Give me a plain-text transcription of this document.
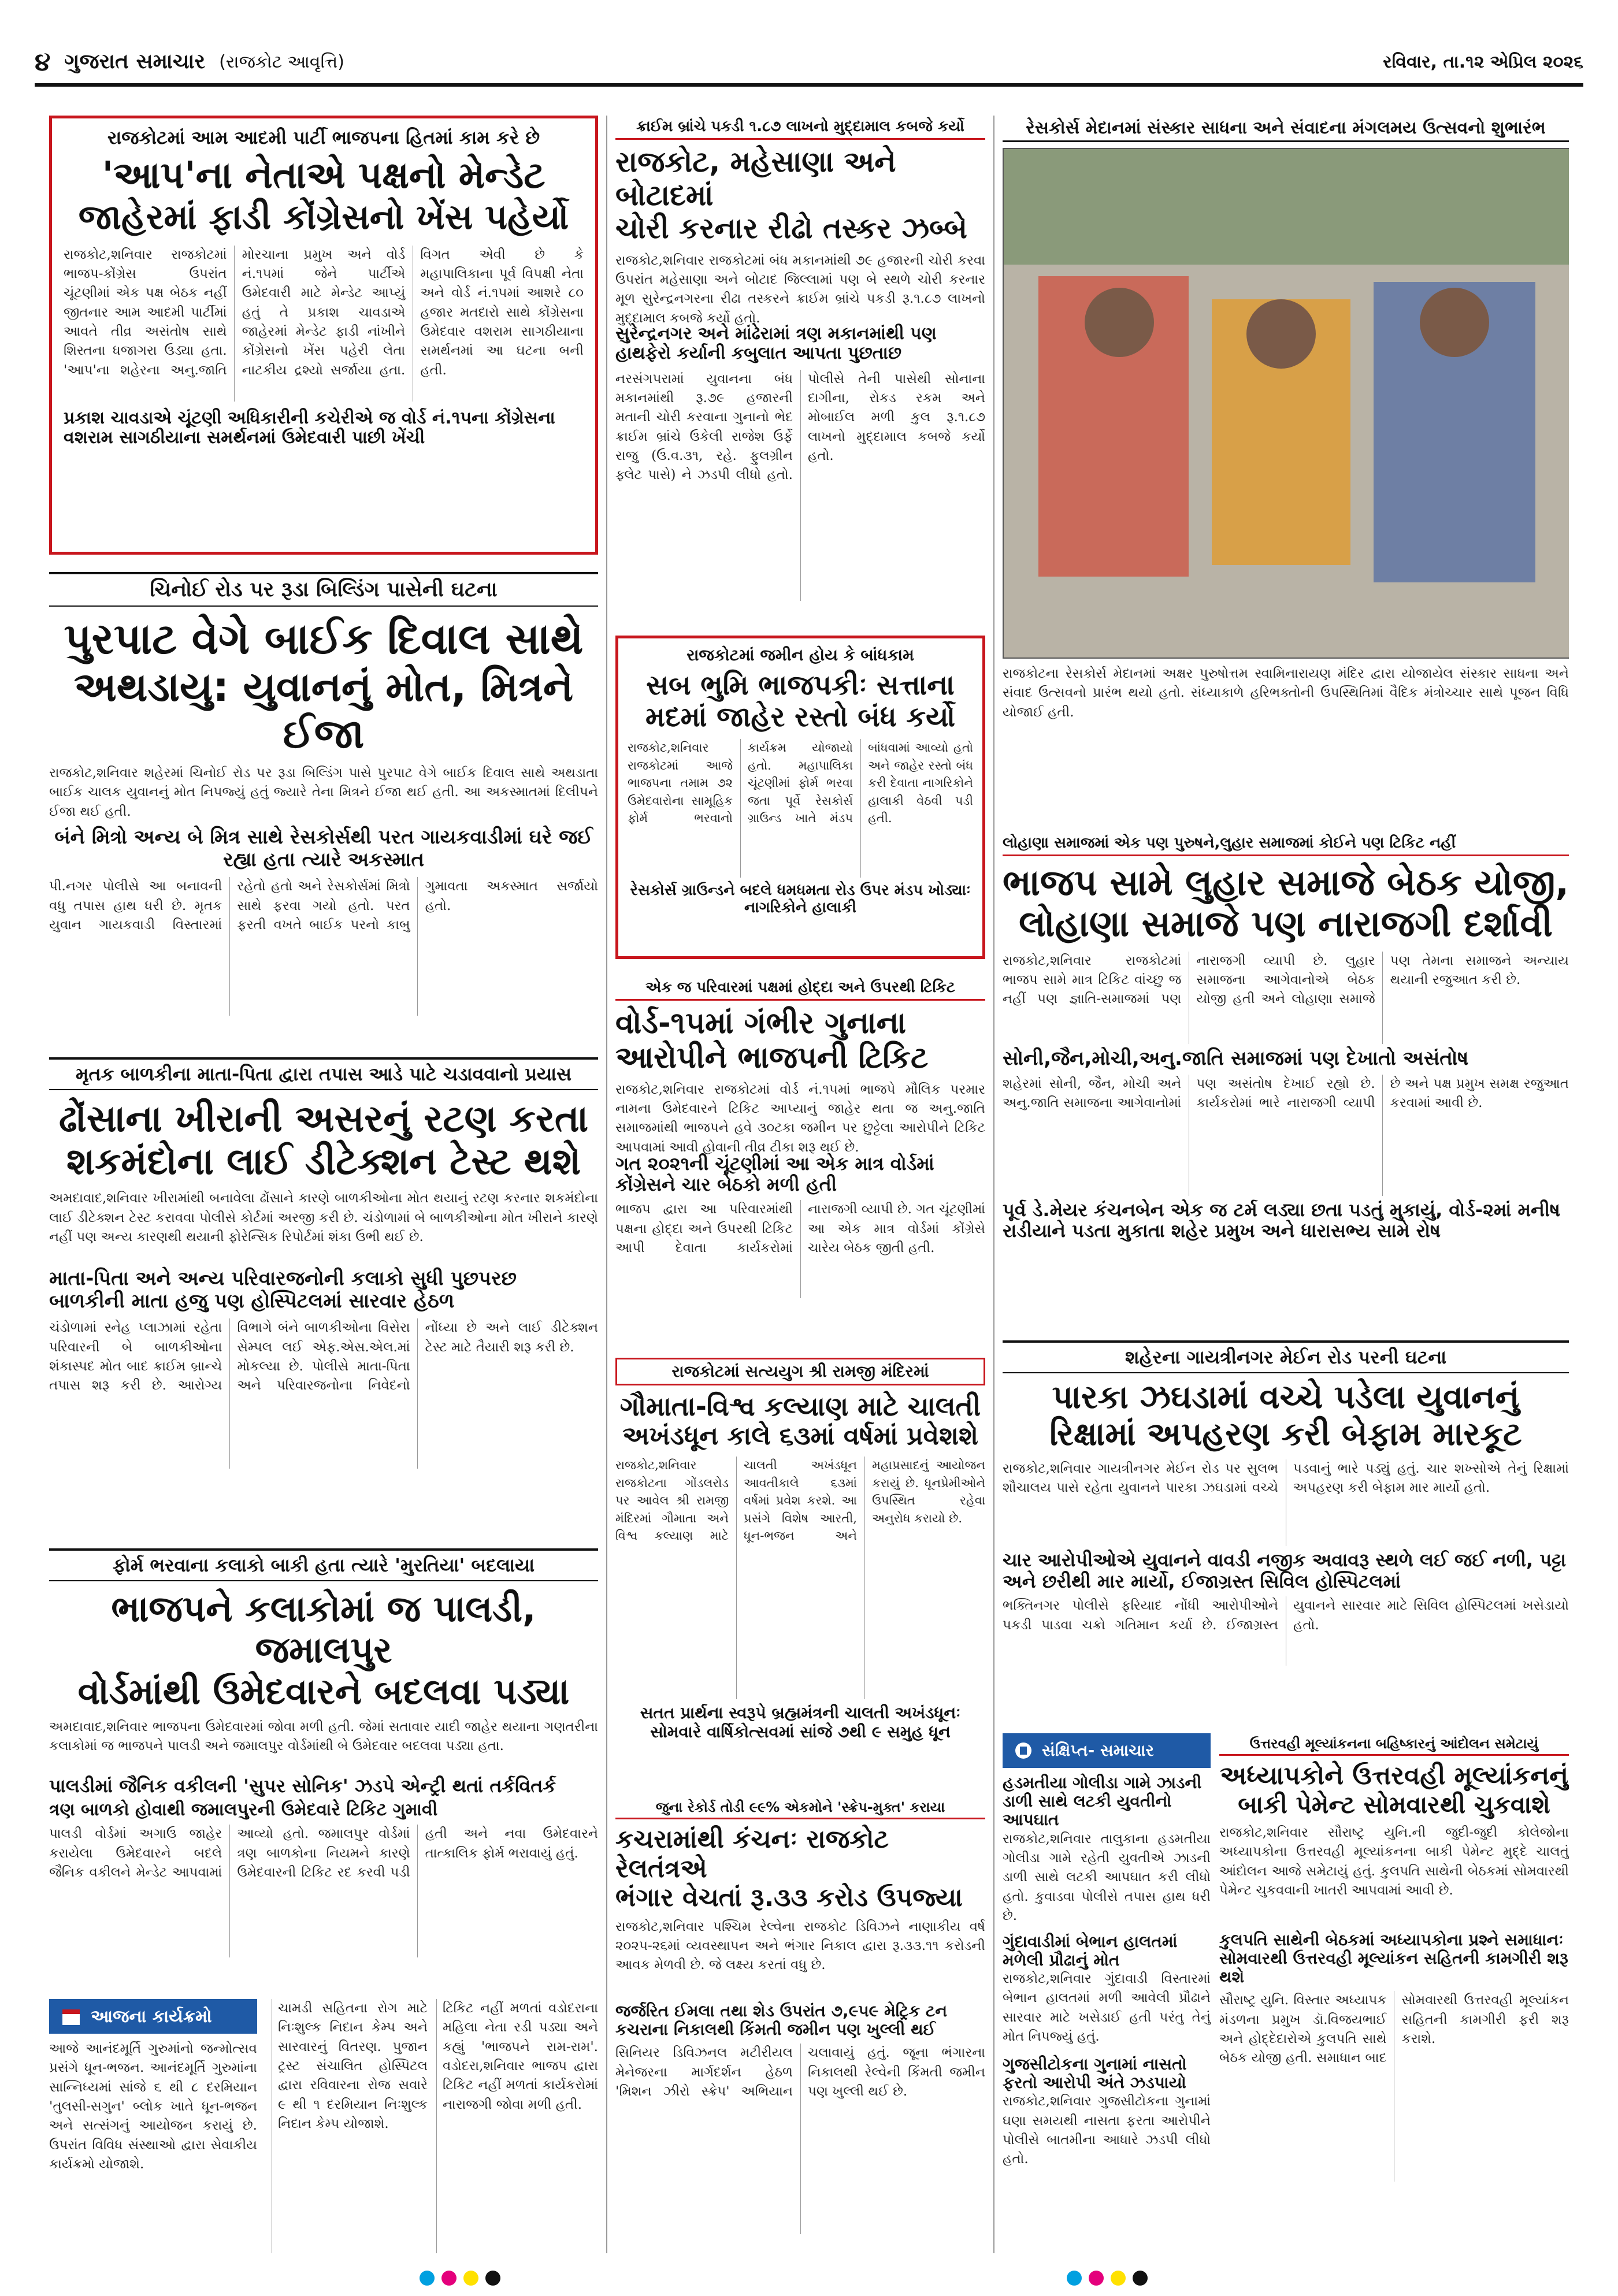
૪ ગુજરાત સમાચાર (રાજકોટ આવૃત્તિ)	રવિવાર, તા.૧૨ એપ્રિલ ૨૦૨૬
રાજકોટમાં આમ આદમી પાર્ટી ભાજપના હિતમાં કામ કરે છે
'આપ'ના નેતાએ પક્ષનો મેન્ડેટ
જાહેરમાં ફાડી કોંગ્રેસનો ખેંસ પહેર્યો
રાજકોટ,શનિવાર રાજકોટમાં ભાજપ-કોંગ્રેસ ઉપરાંત ચૂંટણીમાં એક પક્ષ બેઠક નહીં જીતનાર આમ આદમી પાર્ટીમાં આવતે તીવ્ર અસંતોષ સાથે શિસ્તના ધજાગરા ઉડ્યા હતા. 'આપ'ના શહેરના અનુ.જાતિ મોરચાના પ્રમુખ અને વોર્ડ નં.૧૫માં જેને પાર્ટીએ ઉમેદવારી માટે મેન્ડેટ આપ્યું હતું તે પ્રકાશ ચાવડાએ જાહેરમાં મેન્ડેટ ફાડી નાંખીને કોંગ્રેસનો ખેંસ પહેરી લેતા નાટકીય દ્રશ્યો સર્જાયા હતા. વિગત એવી છે કે મહાપાલિકાના પૂર્વ વિપક્ષી નેતા અને વોર્ડ નં.૧૫માં આશરે ૮૦ હજાર મતદારો સાથે કોંગ્રેસના ઉમેદવાર વશરામ સાગઠીયાના સમર્થનમાં આ ઘટના બની હતી.
પ્રકાશ ચાવડાએ ચૂંટણી અધિકારીની કચેરીએ જ વોર્ડ નં.૧૫ના કોંગ્રેસના વશરામ સાગઠીયાના સમર્થનમાં ઉમેદવારી પાછી ખેંચી
ચિનોઈ રોડ પર રૂડા બિલ્ડિંગ પાસેની ઘટના
પુરપાટ વેગે બાઈક દિવાલ સાથે
અથડાયુ: યુવાનનું મોત, મિત્રને ઈજા
રાજકોટ,શનિવાર શહેરમાં ચિનોઈ રોડ પર રૂડા બિલ્ડિંગ પાસે પુરપાટ વેગે બાઈક દિવાલ સાથે અથડાતા બાઈક ચાલક યુવાનનું મોત નિપજ્યું હતું જ્યારે તેના મિત્રને ઈજા થઈ હતી. આ અકસ્માતમાં દિલીપને ઈજા થઈ હતી.
બંને મિત્રો અન્ય બે મિત્ર સાથે રેસકોર્સથી પરત ગાયકવાડીમાં ઘરે જઈ રહ્યા હતા ત્યારે અકસ્માત
પી.નગર પોલીસે આ બનાવની વધુ તપાસ હાથ ધરી છે. મૃતક યુવાન ગાયકવાડી વિસ્તારમાં રહેતો હતો અને રેસકોર્સમાં મિત્રો સાથે ફરવા ગયો હતો. પરત ફરતી વખતે બાઈક પરનો કાબુ ગુમાવતા અકસ્માત સર્જાયો હતો.
મૃતક બાળકીના માતા-પિતા દ્વારા તપાસ આડે પાટે ચડાવવાનો પ્રયાસ
ઢોંસાના ખીરાની અસરનું રટણ કરતા
શકમંદોના લાઈ ડીટેક્શન ટેસ્ટ થશે
અમદાવાદ,શનિવાર ખીરામાંથી બનાવેલા ઢોંસાને કારણે બાળકીઓના મોત થયાનું રટણ કરનાર શકમંદોના લાઈ ડીટેક્શન ટેસ્ટ કરાવવા પોલીસે કોર્ટમાં અરજી કરી છે. ચંડોળામાં બે બાળકીઓના મોત ખીરાને કારણે નહીં પણ અન્ય કારણથી થયાની ફોરેન્સિક રિપોર્ટમાં શંકા ઉભી થઈ છે.
માતા-પિતા અને અન્ય પરિવારજનોની કલાકો સુધી પુછપરછ
બાળકીની માતા હજુ પણ હોસ્પિટલમાં સારવાર હેઠળ
ચંડોળામાં સ્નેહ પ્લાઝામાં રહેતા પરિવારની બે બાળકીઓના શંકાસ્પદ મોત બાદ ક્રાઈમ બ્રાન્ચે તપાસ શરૂ કરી છે. આરોગ્ય વિભાગે બંને બાળકીઓના વિસેરા સેમ્પલ લઈ એફ.એસ.એલ.માં મોકલ્યા છે. પોલીસે માતા-પિતા અને પરિવારજનોના નિવેદનો નોંધ્યા છે અને લાઈ ડીટેક્શન ટેસ્ટ માટે તૈયારી શરૂ કરી છે.
ફોર્મ ભરવાના કલાકો બાકી હતા ત્યારે 'મુરતિયા' બદલાયા
ભાજપને કલાકોમાં જ પાલડી, જમાલપુર
વોર્ડમાંથી ઉમેદવારને બદલવા પડ્યા
અમદાવાદ,શનિવાર ભાજપના ઉમેદવારમાં જોવા મળી હતી. જેમાં સતાવાર યાદી જાહેર થયાના ગણતરીના કલાકોમાં જ ભાજપને પાલડી અને જમાલપુર વોર્ડમાંથી બે ઉમેદવાર બદલવા પડ્યા હતા.
પાલડીમાં જૈનિક વકીલની 'સુપર સોનિક' ઝડપે એન્ટ્રી થતાં તર્કવિતર્ક
ત્રણ બાળકો હોવાથી જમાલપુરની ઉમેદવારે ટિકિટ ગુમાવી
પાલડી વોર્ડમાં અગાઉ જાહેર કરાયેલા ઉમેદવારને બદલે જૈનિક વકીલને મેન્ડેટ આપવામાં આવ્યો હતો. જમાલપુર વોર્ડમાં ત્રણ બાળકોના નિયમને કારણે ઉમેદવારની ટિકિટ રદ કરવી પડી હતી અને નવા ઉમેદવારને તાત્કાલિક ફોર્મ ભરાવાયું હતું.
આજના કાર્યક્રમો
આજે આનંદમૂર્તિ ગુરુમાંનો જન્મોત્સવ પ્રસંગે ધૂન-ભજન. આનંદમૂર્તિ ગુરુમાંના સાન્નિધ્યમાં સાંજે ૬ થી ૮ દરમિયાન 'તુલસી-સગુન' બ્લોક ખાતે ધૂન-ભજન અને સત્સંગનું આયોજન કરાયું છે. ઉપરાંત વિવિધ સંસ્થાઓ દ્વારા સેવાકીય કાર્યક્રમો યોજાશે.
ચામડી સહિતના રોગ માટે નિઃશુલ્ક નિદાન કેમ્પ અને સારવારનું વિતરણ. પુજાન ટ્રસ્ટ સંચાલિત હોસ્પિટલ દ્વારા રવિવારના રોજ સવારે ૯ થી ૧ દરમિયાન નિઃશુલ્ક નિદાન કેમ્પ યોજાશે.
ટિકિટ નહીં મળતાં વડોદરાના મહિલા નેતા રડી પડ્યા અને કહ્યું 'ભાજપને રામ-રામ'. વડોદરા,શનિવાર ભાજપ દ્વારા ટિકિટ નહીં મળતાં કાર્યકરોમાં નારાજગી જોવા મળી હતી.
ક્રાઈમ બ્રાંચે પકડી ૧.૮૭ લાખનો મુદ્દામાલ કબજે કર્યો
રાજકોટ, મહેસાણા અને બોટાદમાં
ચોરી કરનાર રીઢો તસ્કર ઝબ્બે
રાજકોટ,શનિવાર રાજકોટમાં બંધ મકાનમાંથી ૭૯ હજારની ચોરી કરવા ઉપરાંત મહેસાણા અને બોટાદ જિલ્લામાં પણ બે સ્થળે ચોરી કરનાર મૂળ સુરેન્દ્રનગરના રીઢા તસ્કરને ક્રાઈમ બ્રાંચે પકડી રૂ.૧.૮૭ લાખનો મુદ્દામાલ કબજે કર્યો હતો.
સુરેન્દ્રનગર અને માંઢેરામાં ત્રણ મકાનમાંથી પણ હાથફેરો કર્યાની કબુલાત આપતા પુછતાછ
નરસંગપરામાં યુવાનના બંધ મકાનમાંથી રૂ.૭૯ હજારની મતાની ચોરી કરવાના ગુનાનો ભેદ ક્રાઈમ બ્રાંચે ઉકેલી રાજેશ ઉર્ફે રાજુ (ઉ.વ.૩૧, રહે. ફુલગ્રીન ફ્લેટ પાસે) ને ઝડપી લીધો હતો. પોલીસે તેની પાસેથી સોનાના દાગીના, રોકડ રકમ અને મોબાઈલ મળી કુલ રૂ.૧.૮૭ લાખનો મુદ્દામાલ કબજે કર્યો હતો.
રાજકોટમાં જમીન હોય કે બાંધકામ
સબ ભુમિ ભાજપકીઃ સત્તાના
મદમાં જાહેર રસ્તો બંધ કર્યો
રાજકોટ,શનિવાર રાજકોટમાં આજે ભાજપના તમામ ૭૨ ઉમેદવારોના સામૂહિક ફોર્મ ભરવાનો કાર્યક્રમ યોજાયો હતો. મહાપાલિકા ચૂંટણીમાં ફોર્મ ભરવા જતા પૂર્વે રેસકોર્સ ગ્રાઉન્ડ ખાતે મંડપ બાંધવામાં આવ્યો હતો અને જાહેર રસ્તો બંધ કરી દેવાતા નાગરિકોને હાલાકી વેઠવી પડી હતી.
રેસકોર્સ ગ્રાઉન્ડને બદલે ધમધમતા રોડ ઉપર મંડપ ખોડ્યાઃ નાગરિકોને હાલાકી
એક જ પરિવારમાં પક્ષમાં હોદ્દા અને ઉપરથી ટિકિટ
વોર્ડ-૧૫માં ગંભીર ગુનાના
આરોપીને ભાજપની ટિકિટ
રાજકોટ,શનિવાર રાજકોટમાં વોર્ડ નં.૧૫માં ભાજપે મૌલિક પરમાર નામના ઉમેદવારને ટિકિટ આપ્યાનું જાહેર થતા જ અનુ.જાતિ સમાજમાંથી ભાજપને હવે ૩૦ટકા જમીન પર છુટ્ટેલા આરોપીને ટિકિટ આપવામાં આવી હોવાની તીવ્ર ટીકા શરૂ થઈ છે.
ગત ૨૦૨૧ની ચૂંટણીમાં આ એક માત્ર વોર્ડમાં કોંગ્રેસને ચાર બેઠકો મળી હતી
ભાજપ દ્વારા આ પરિવારમાંથી પક્ષના હોદ્દા અને ઉપરથી ટિકિટ આપી દેવાતા કાર્યકરોમાં નારાજગી વ્યાપી છે. ગત ચૂંટણીમાં આ એક માત્ર વોર્ડમાં કોંગ્રેસે ચારેય બેઠક જીતી હતી.
રાજકોટમાં સત્યયુગ શ્રી રામજી મંદિરમાં
ગૌમાતા-વિશ્વ કલ્યાણ માટે ચાલતી
અખંડધૂન કાલે ૬૩માં વર્ષમાં પ્રવેશશે
રાજકોટ,શનિવાર રાજકોટના ગોંડલરોડ પર આવેલ શ્રી રામજી મંદિરમાં ગૌમાતા અને વિશ્વ કલ્યાણ માટે ચાલતી અખંડધૂન આવતીકાલે ૬૩માં વર્ષમાં પ્રવેશ કરશે. આ પ્રસંગે વિશેષ આરતી, ધૂન-ભજન અને મહાપ્રસાદનું આયોજન કરાયું છે. ધૂનપ્રેમીઓને ઉપસ્થિત રહેવા અનુરોધ કરાયો છે.
સતત પ્રાર્થના સ્વરૂપે બ્રહ્મમંત્રની ચાલતી અખંડધૂનઃ સોમવારે વાર્ષિકોત્સવમાં સાંજે ૭થી ૯ સમુહ ધૂન
જુના રેકોર્ડ તોડી ૯૯% એકમોને 'સ્ક્રેપ-મુક્ત' કરાયા
કચરામાંથી કંચનઃ રાજકોટ રેલતંત્રએ
ભંગાર વેચતાં રૂ.૩૩ કરોડ ઉપજ્યા
રાજકોટ,શનિવાર પશ્ચિમ રેલ્વેના રાજકોટ ડિવિઝને નાણાકીય વર્ષ ૨૦૨૫-૨૬માં વ્યવસ્થાપન અને ભંગાર નિકાલ દ્વારા રૂ.૩૩.૧૧ કરોડની આવક મેળવી છે. જે લક્ષ્ય કરતાં વધુ છે.
જર્જરિત ઈમલા તથા શેડ ઉપરાંત ૭,૯૫૯ મેટ્રિક ટન કચરાના નિકાલથી કિંમતી જમીન પણ ખુલ્લી થઈ
સિનિયર ડિવિઝનલ મટીરીયલ મેનેજરના માર્ગદર્શન હેઠળ 'મિશન ઝીરો સ્ક્રેપ' અભિયાન ચલાવાયું હતું. જૂના ભંગારના નિકાલથી રેલ્વેની કિંમતી જમીન પણ ખુલ્લી થઈ છે.
રેસકોર્સ મેદાનમાં સંસ્કાર સાધના અને સંવાદના મંગલમય ઉત્સવનો શુભારંભ
રાજકોટના રેસકોર્સ મેદાનમાં અક્ષર પુરુષોત્તમ સ્વામિનારાયણ મંદિર દ્વારા યોજાયેલ સંસ્કાર સાધના અને સંવાદ ઉત્સવનો પ્રારંભ થયો હતો. સંધ્યાકાળે હરિભક્તોની ઉપસ્થિતિમાં વૈદિક મંત્રોચ્ચાર સાથે પૂજન વિધિ યોજાઈ હતી.
લોહાણા સમાજમાં એક પણ પુરુષને,લુહાર સમાજમાં કોઈને પણ ટિકિટ નહીં
ભાજપ સામે લુહાર સમાજે બેઠક યોજી,
લોહાણા સમાજે પણ નારાજગી દર્શાવી
રાજકોટ,શનિવાર રાજકોટમાં ભાજપ સામે માત્ર ટિકિટ વાંચ્છુ જ નહીં પણ જ્ઞાતિ-સમાજમાં પણ નારાજગી વ્યાપી છે. લુહાર સમાજના આગેવાનોએ બેઠક યોજી હતી અને લોહાણા સમાજે પણ તેમના સમાજને અન્યાય થયાની રજુઆત કરી છે.
સોની,જૈન,મોચી,અનુ.જાતિ સમાજમાં પણ દેખાતો અસંતોષ
શહેરમાં સોની, જૈન, મોચી અને અનુ.જાતિ સમાજના આગેવાનોમાં પણ અસંતોષ દેખાઈ રહ્યો છે. કાર્યકરોમાં ભારે નારાજગી વ્યાપી છે અને પક્ષ પ્રમુખ સમક્ષ રજુઆત કરવામાં આવી છે.
પૂર્વ ડે.મેયર કંચનબેન એક જ ટર્મ લડ્યા છતા પડતું મુકાયું, વોર્ડ-૨માં મનીષ રાડીયાને પડતા મુકાતા શહેર પ્રમુખ અને ધારાસભ્ય સામે રોષ
શહેરના ગાયત્રીનગર મેઈન રોડ પરની ઘટના
પારકા ઝઘડામાં વચ્ચે પડેલા યુવાનનું
રિક્ષામાં અપહરણ કરી બેફામ મારકૂટ
રાજકોટ,શનિવાર ગાયત્રીનગર મેઈન રોડ પર સુલભ શૌચાલય પાસે રહેતા યુવાનને પારકા ઝઘડામાં વચ્ચે પડવાનું ભારે પડ્યું હતું. ચાર શખ્સોએ તેનું રિક્ષામાં અપહરણ કરી બેફામ માર માર્યો હતો.
ચાર આરોપીઓએ યુવાનને વાવડી નજીક અવાવરૂ સ્થળે લઈ જઈ નળી, પટ્ટા અને છરીથી માર માર્યો, ઈજાગ્રસ્ત સિવિલ હોસ્પિટલમાં
ભક્તિનગર પોલીસે ફરિયાદ નોંધી આરોપીઓને પકડી પાડવા ચક્રો ગતિમાન કર્યા છે. ઈજાગ્રસ્ત યુવાનને સારવાર માટે સિવિલ હોસ્પિટલમાં ખસેડાયો હતો.
સંક્ષિપ્ત- સમાચાર
હડમતીયા ગોલીડા ગામે ઝાડની ડાળી સાથે લટકી યુવતીનો આપઘાત
રાજકોટ,શનિવાર તાલુકાના હડમતીયા ગોલીડા ગામે રહેતી યુવતીએ ઝાડની ડાળી સાથે લટકી આપઘાત કરી લીધો હતો. કુવાડવા પોલીસે તપાસ હાથ ધરી છે.
ગુંદાવાડીમાં બેભાન હાલતમાં મળેલી પ્રૌઢાનું મોત
રાજકોટ,શનિવાર ગુંદાવાડી વિસ્તારમાં બેભાન હાલતમાં મળી આવેલી પ્રૌઢાને સારવાર માટે ખસેડાઈ હતી પરંતુ તેનું મોત નિપજ્યું હતું.
ગુજસીટોકના ગુનામાં નાસતો ફરતો આરોપી અંતે ઝડપાયો
રાજકોટ,શનિવાર ગુજસીટોકના ગુનામાં ઘણા સમયથી નાસતા ફરતા આરોપીને પોલીસે બાતમીના આધારે ઝડપી લીધો હતો.
ઉત્તરવહી મૂલ્યાંકનના બહિષ્કારનું આંદોલન સમેટાયું
અધ્યાપકોને ઉત્તરવહી મૂલ્યાંકનનું
બાકી પેમેન્ટ સોમવારથી ચુકવાશે
રાજકોટ,શનિવાર સૌરાષ્ટ્ર યુનિ.ની જુદી-જુદી કોલેજોના અધ્યાપકોના ઉત્તરવહી મૂલ્યાંકનના બાકી પેમેન્ટ મુદ્દે ચાલતું આંદોલન આજે સમેટાયું હતું. કુલપતિ સાથેની બેઠકમાં સોમવારથી પેમેન્ટ ચુકવવાની ખાતરી આપવામાં આવી છે.
કુલપતિ સાથેની બેઠકમાં અધ્યાપકોના પ્રશ્ને સમાધાનઃ સોમવારથી ઉત્તરવહી મૂલ્યાંકન સહિતની કામગીરી શરૂ થશે
સૌરાષ્ટ્ર યુનિ. વિસ્તાર અધ્યાપક મંડળના પ્રમુખ ડૉ.વિજયભાઈ અને હોદ્દેદારોએ કુલપતિ સાથે બેઠક યોજી હતી. સમાધાન બાદ સોમવારથી ઉત્તરવહી મૂલ્યાંકન સહિતની કામગીરી ફરી શરૂ કરાશે.
